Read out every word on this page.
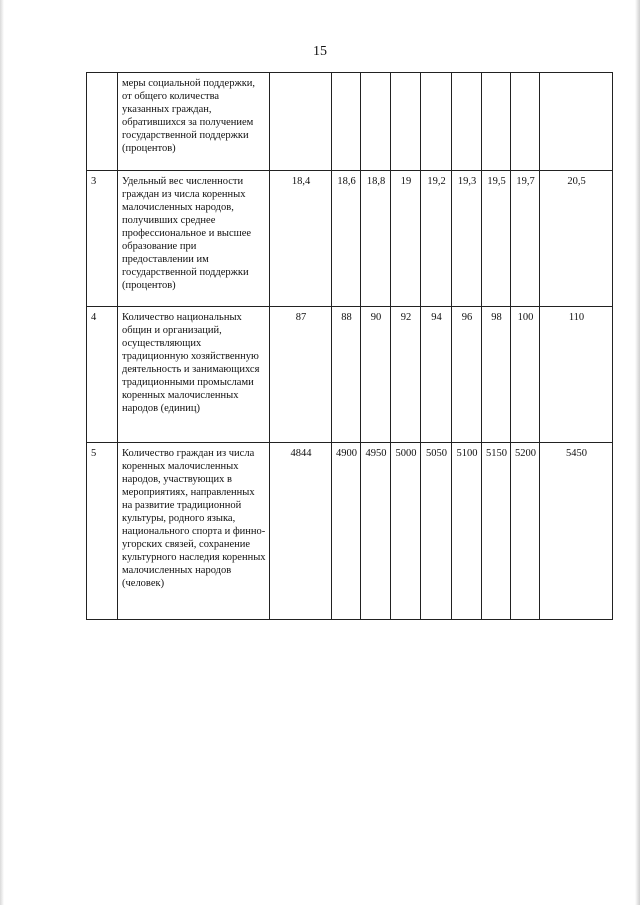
15
	меры социальной поддержки, от общего количества указанных граждан, обратившихся за получением государственной поддержки (процентов)									
3	Удельный вес численности граждан из числа коренных малочисленных народов, получивших среднее профессиональное и высшее образование при предоставлении им государственной поддержки (процентов)	18,4	18,6	18,8	19	19,2	19,3	19,5	19,7	20,5
4	Количество национальных общин и организаций, осуществляющих традиционную хозяйственную деятельность и занимающихся традиционными промыслами коренных малочисленных народов (единиц)	87	88	90	92	94	96	98	100	110
5	Количество граждан из числа коренных малочисленных народов, участвующих в мероприятиях, направленных на развитие традиционной культуры, родного языка, национального спорта и финно-угорских связей, сохранение культурного наследия коренных малочисленных народов (человек)	4844	4900	4950	5000	5050	5100	5150	5200	5450
